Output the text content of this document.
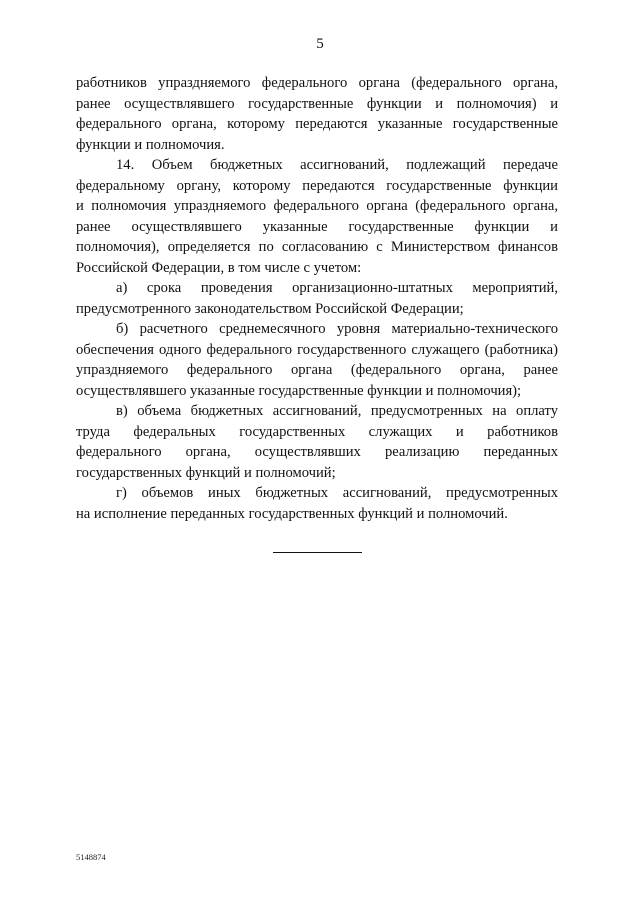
5
работников упраздняемого федерального органа (федерального органа,
ранее осуществлявшего государственные функции и полномочия) и
федерального органа, которому передаются указанные государственные
функции и полномочия.
14. Объем бюджетных ассигнований, подлежащий передаче
федеральному органу, которому передаются государственные функции
и полномочия упраздняемого федерального органа (федерального органа,
ранее осуществлявшего указанные государственные функции и
полномочия), определяется по согласованию с Министерством финансов
Российской Федерации, в том числе с учетом:
а) срока проведения организационно-штатных мероприятий,
предусмотренного законодательством Российской Федерации;
б) расчетного среднемесячного уровня материально-технического
обеспечения одного федерального государственного служащего (работника)
упраздняемого федерального органа (федерального органа, ранее
осуществлявшего указанные государственные функции и полномочия);
в) объема бюджетных ассигнований, предусмотренных на оплату
труда федеральных государственных служащих и работников
федерального органа, осуществлявших реализацию переданных
государственных функций и полномочий;
г) объемов иных бюджетных ассигнований, предусмотренных
на исполнение переданных государственных функций и полномочий.
5148874
